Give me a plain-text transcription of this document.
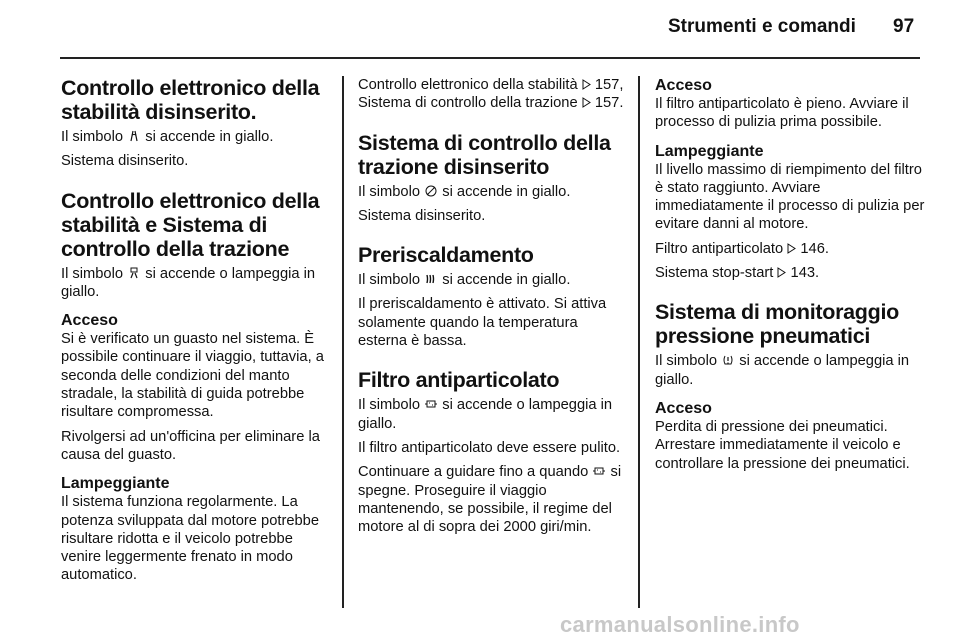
Strumenti e comandi 97
Controllo elettronico della stabilità disinserito.

Il simbolo si accende in giallo.

Sistema disinserito.

Controllo elettronico della stabilità e Sistema di controllo della trazione

Il simbolo si accende o lampeggia in giallo.

Acceso

Si è verificato un guasto nel sistema. È possibile continuare il viaggio, tuttavia, a seconda delle condizioni del manto stradale, la stabilità di guida potrebbe risultare compromessa.

Rivolgersi ad un'officina per eliminare la causa del guasto.

Lampeggiante

Il sistema funziona regolarmente. La potenza sviluppata dal motore potrebbe risultare ridotta e il veicolo potrebbe venire leggermente frenato in modo automatico.

Controllo elettronico della stabilità 157, Sistema di controllo della trazione 157.

Sistema di controllo della trazione disinserito

Il simbolo si accende in giallo.

Sistema disinserito.

Preriscaldamento

Il simbolo si accende in giallo.

Il preriscaldamento è attivato. Si attiva solamente quando la temperatura esterna è bassa.

Filtro antiparticolato

Il simbolo si accende o lampeggia in giallo.

Il filtro antiparticolato deve essere pulito.

Continuare a guidare fino a quando si spegne. Proseguire il viaggio mantenendo, se possibile, il regime del motore al di sopra dei 2000 giri/min.

Acceso

Il filtro antiparticolato è pieno. Avviare il processo di pulizia prima possibile.

Lampeggiante

Il livello massimo di riempimento del filtro è stato raggiunto. Avviare immediatamente il processo di pulizia per evitare danni al motore.

Filtro antiparticolato 146.

Sistema stop-start 143.

Sistema di monitoraggio pressione pneumatici

Il simbolo si accende o lampeggia in giallo.

Acceso

Perdita di pressione dei pneumatici. Arrestare immediatamente il veicolo e controllare la pressione dei pneumatici.

carmanualsonline.info
